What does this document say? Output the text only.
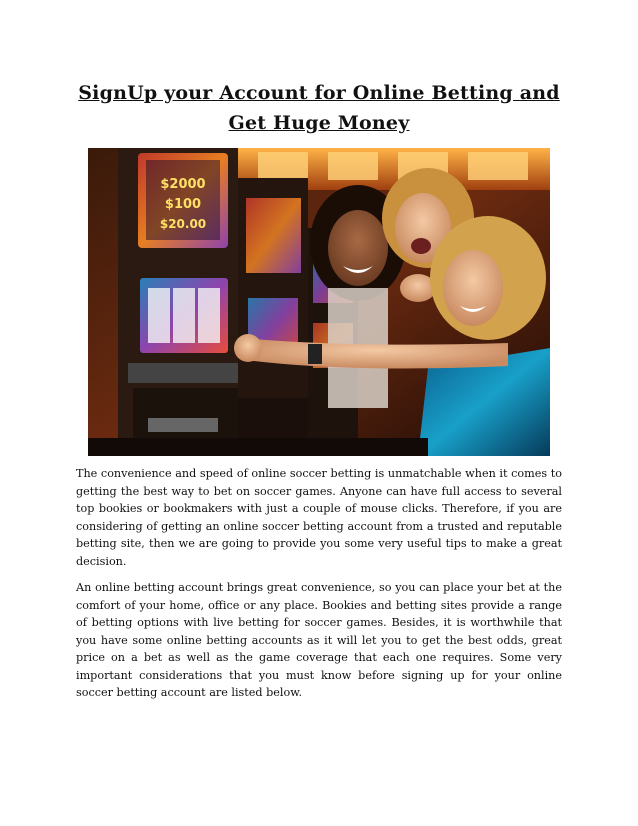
SignUp your Account for Online Betting and Get Huge Money
$2000
$100
$20.00

The convenience and speed of online soccer betting is unmatchable when it comes to getting the best way to bet on soccer games. Anyone can have full access to several top bookies or bookmakers with just a couple of mouse clicks. Therefore, if you are considering of getting an online soccer betting account from a trusted and reputable betting site, then we are going to provide you some very useful tips to make a great decision.

An online betting account brings great convenience, so you can place your bet at the comfort of your home, office or any place. Bookies and betting sites provide a range of betting options with live betting for soccer games. Besides, it is worthwhile that you have some online betting accounts as it will let you to get the best odds, great price on a bet as well as the game coverage that each one requires. Some very important considerations that you must know before signing up for your online soccer betting account are listed below.
